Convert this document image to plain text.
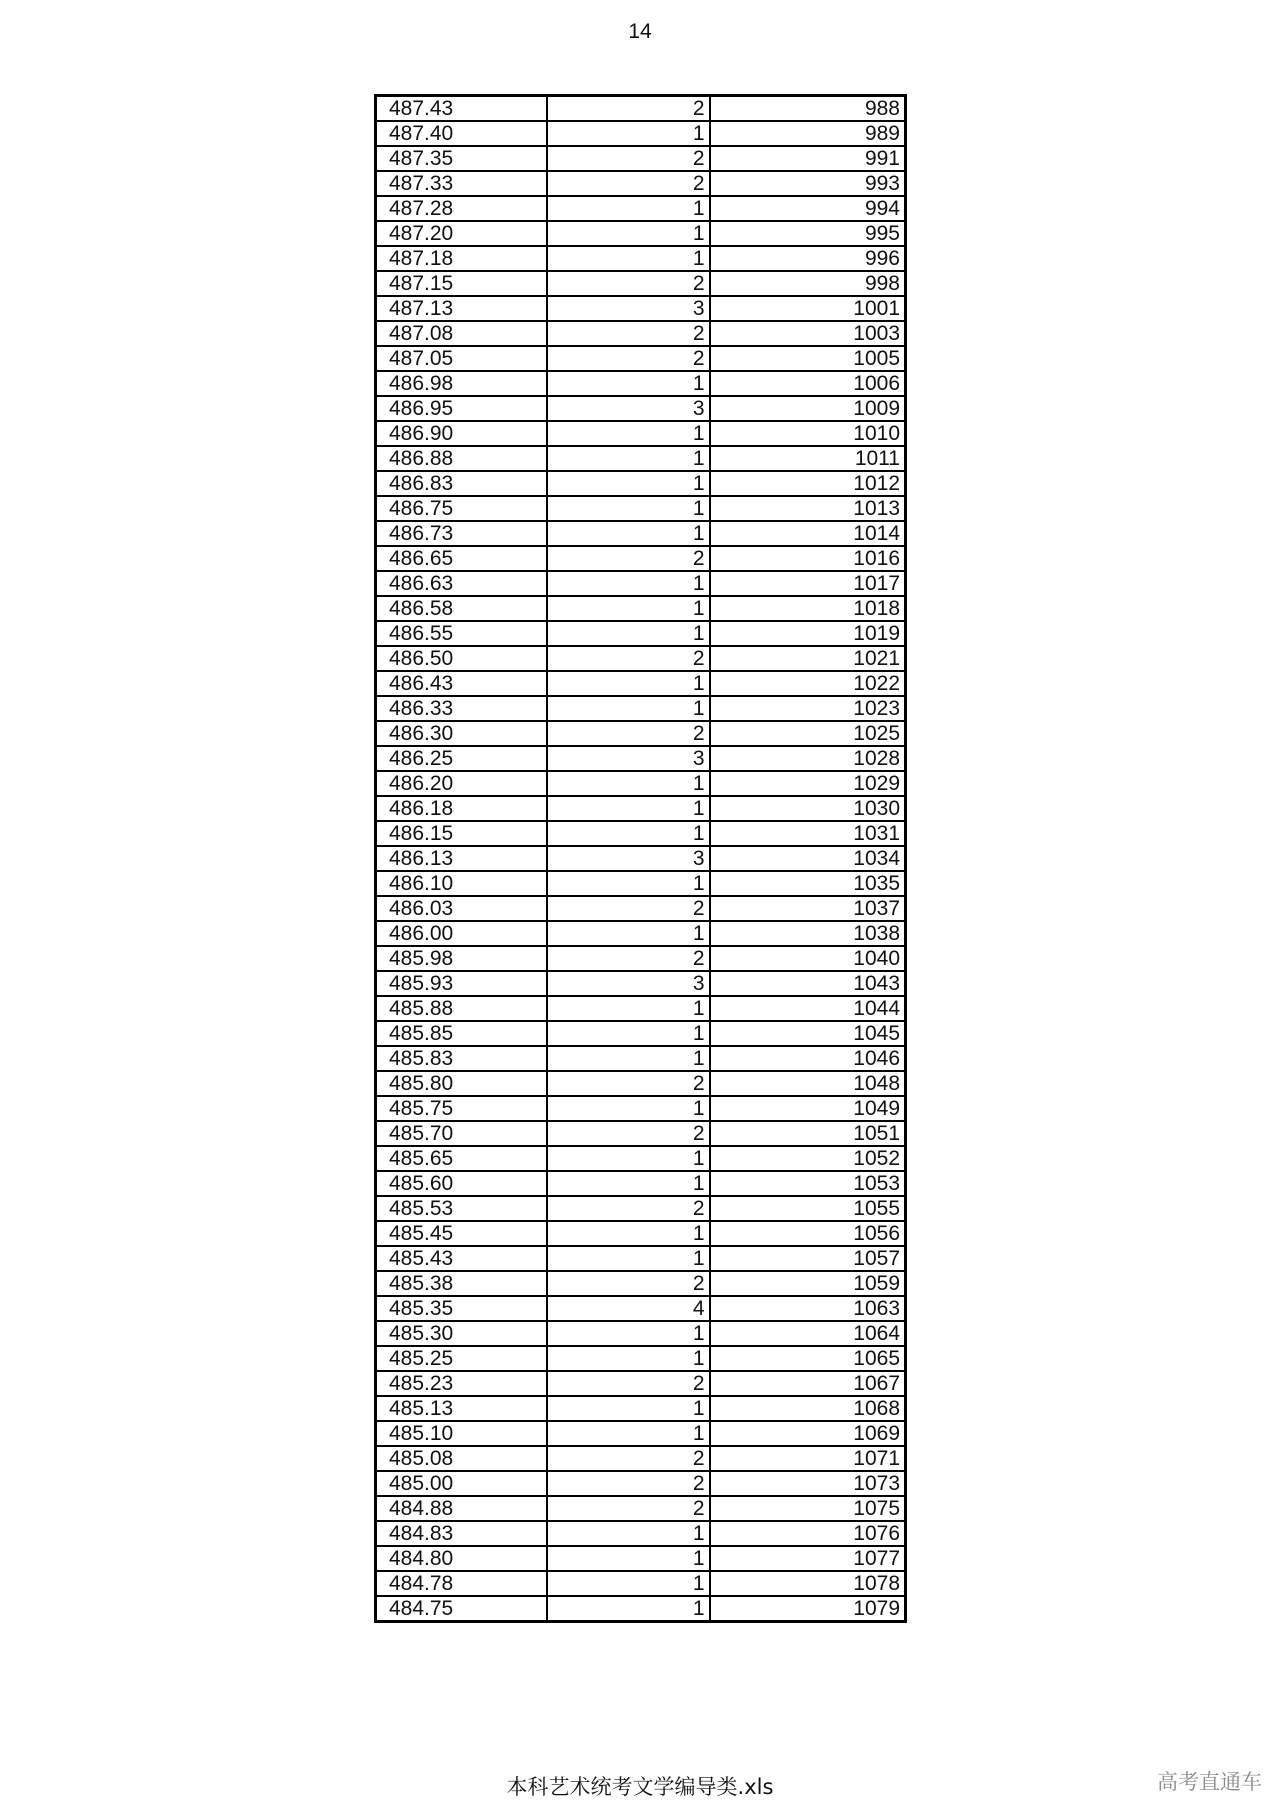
14
487.43	2	988
487.40	1	989
487.35	2	991
487.33	2	993
487.28	1	994
487.20	1	995
487.18	1	996
487.15	2	998
487.13	3	1001
487.08	2	1003
487.05	2	1005
486.98	1	1006
486.95	3	1009
486.90	1	1010
486.88	1	1011
486.83	1	1012
486.75	1	1013
486.73	1	1014
486.65	2	1016
486.63	1	1017
486.58	1	1018
486.55	1	1019
486.50	2	1021
486.43	1	1022
486.33	1	1023
486.30	2	1025
486.25	3	1028
486.20	1	1029
486.18	1	1030
486.15	1	1031
486.13	3	1034
486.10	1	1035
486.03	2	1037
486.00	1	1038
485.98	2	1040
485.93	3	1043
485.88	1	1044
485.85	1	1045
485.83	1	1046
485.80	2	1048
485.75	1	1049
485.70	2	1051
485.65	1	1052
485.60	1	1053
485.53	2	1055
485.45	1	1056
485.43	1	1057
485.38	2	1059
485.35	4	1063
485.30	1	1064
485.25	1	1065
485.23	2	1067
485.13	1	1068
485.10	1	1069
485.08	2	1071
485.00	2	1073
484.88	2	1075
484.83	1	1076
484.80	1	1077
484.78	1	1078
484.75	1	1079
本科艺术统考文学编导类.xls	高考直通车
